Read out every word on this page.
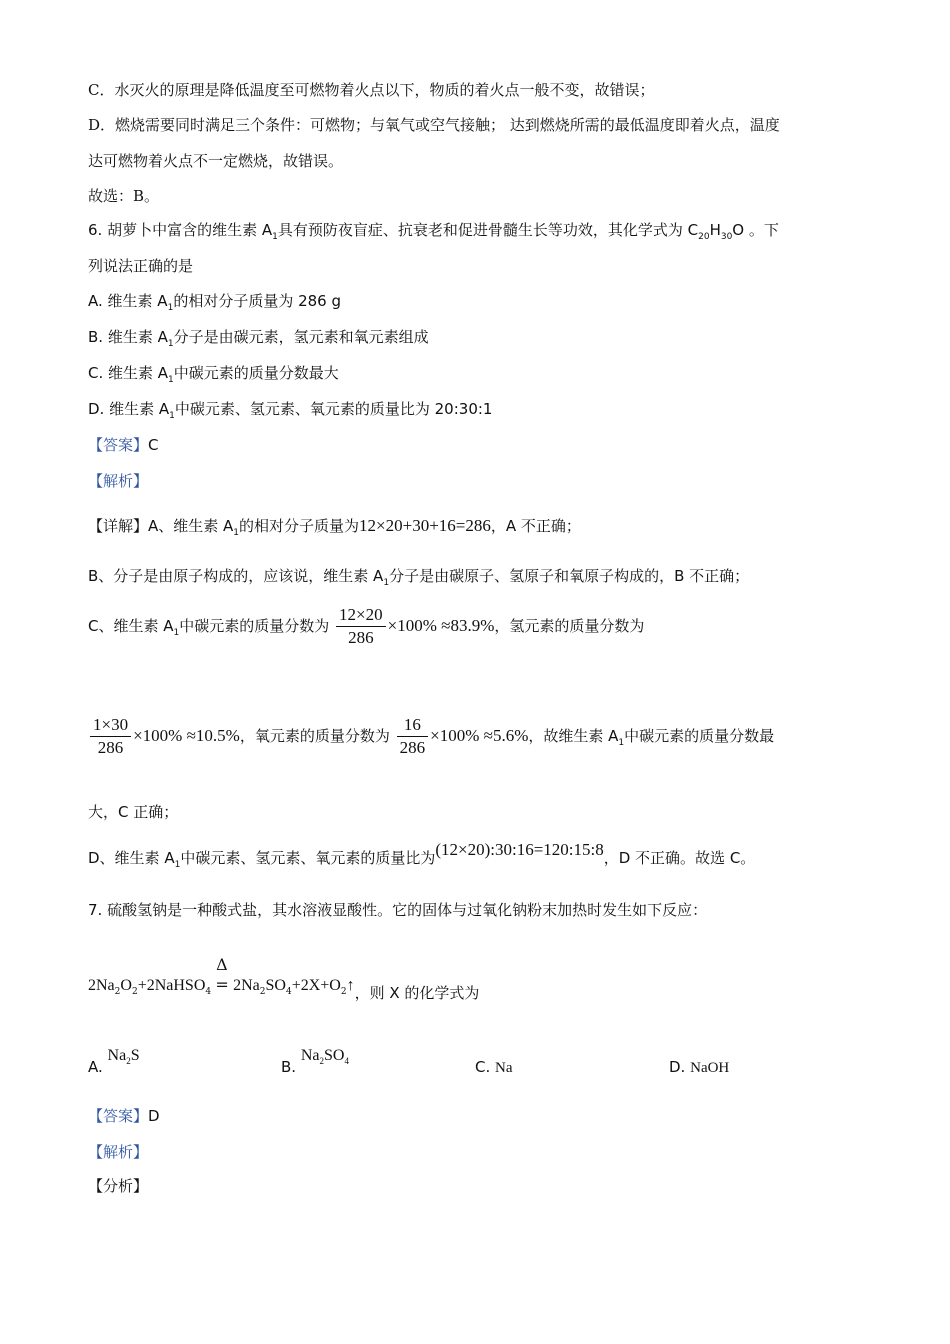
C．水灭火的原理是降低温度至可燃物着火点以下，物质的着火点一般不变，故错误；
D．燃烧需要同时满足三个条件：可燃物；与氧气或空气接触； 达到燃烧所需的最低温度即着火点，温度
达可燃物着火点不一定燃烧，故错误。
故选：B。
6. 胡萝卜中富含的维生素 $A_1$具有预防夜盲症、抗衰老和促进骨髓生长等功效，其化学式为 $C_{20}H_{30}O$ 。下
列说法正确的是
A. 维生素 $A_1$的相对分子质量为 286 g
B. 维生素 $A_1$分子是由碳元素，氢元素和氧元素组成
C. 维生素 $A_1$中碳元素的质量分数最大
D. 维生素 $A_1$中碳元素、氢元素、氧元素的质量比为 20:30:1
【答案】C
【解析】
【详解】A、维生素 $A_1$的相对分子质量为12×20+30+16=286，A 不正确；
B、分子是由原子构成的，应该说，维生素 $A_1$分子是由碳原子、氢原子和氧原子构成的，B 不正确；
C、维生素 $A_1$中碳元素的质量分数为 $\frac{12\times 20}{286} \times 100\% \approx 83.9\%$，氢元素的质量分数为
$\frac{1\times 30}{286} \times 100\% \approx 10.5\%$，氧元素的质量分数为 $\frac{16}{286} \times 100\% \approx 5.6\%$，故维生素 $A_1$中碳元素的质量分数最
大，C 正确；
D、维生素 $A_1$中碳元素、氢元素、氧元素的质量比为(12×20):30:16=120:15:8，D 不正确。故选 C。
7. 硫酸氢钠是一种酸式盐，其水溶液显酸性。它的固体与过氧化钠粉末加热时发生如下反应：
$2Na_2O_2+2NaHSO_4$
Δ
= $2Na_2SO_4+2X+O_2↑$，则 X 的化学式为
A. $Na_2S$
B. $Na_2SO_4$	C. Na	D. NaOH
【答案】D
【解析】
【分析】
